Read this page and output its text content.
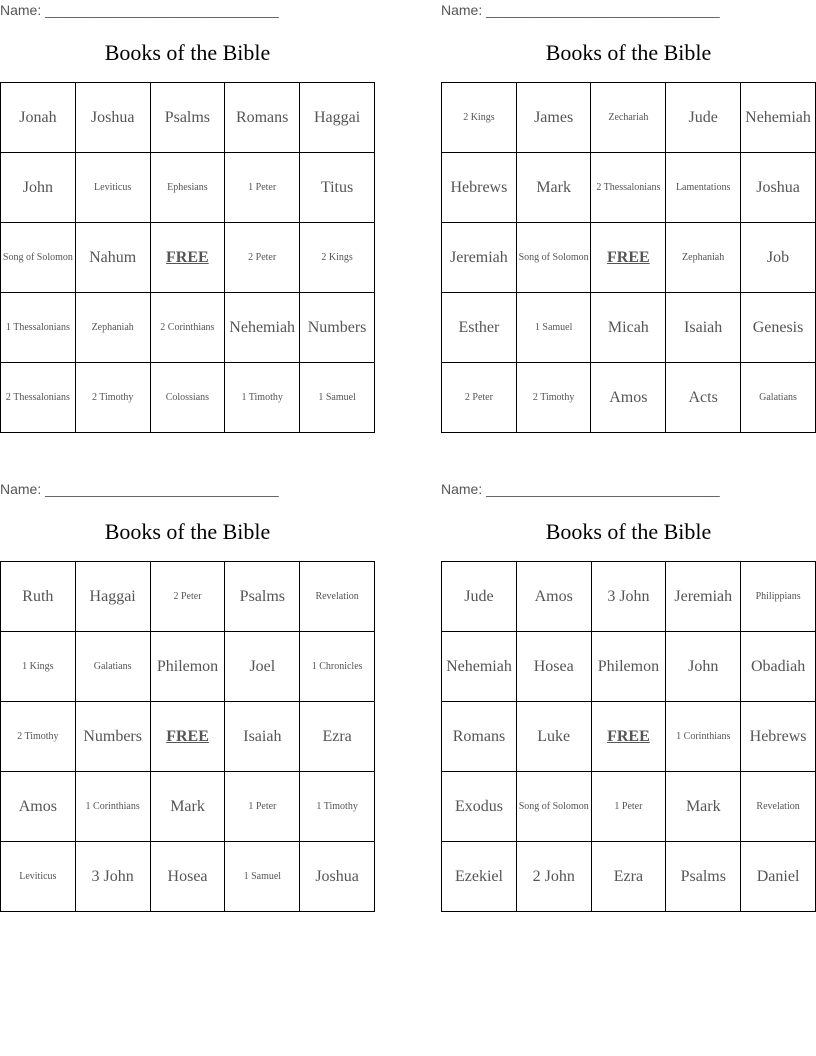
Name: ______________________________
Books of the Bible
Jonah	Joshua	Psalms	Romans	Haggai
John	Leviticus	Ephesians	1 Peter	Titus
Song of Solomon	Nahum	FREE	2 Peter	2 Kings
1 Thessalonians	Zephaniah	2 Corinthians	Nehemiah	Numbers
2 Thessalonians	2 Timothy	Colossians	1 Timothy	1 Samuel
Name: ______________________________
Books of the Bible
2 Kings	James	Zechariah	Jude	Nehemiah
Hebrews	Mark	2 Thessalonians	Lamentations	Joshua
Jeremiah	Song of Solomon	FREE	Zephaniah	Job
Esther	1 Samuel	Micah	Isaiah	Genesis
2 Peter	2 Timothy	Amos	Acts	Galatians
Name: ______________________________
Books of the Bible
Ruth	Haggai	2 Peter	Psalms	Revelation
1 Kings	Galatians	Philemon	Joel	1 Chronicles
2 Timothy	Numbers	FREE	Isaiah	Ezra
Amos	1 Corinthians	Mark	1 Peter	1 Timothy
Leviticus	3 John	Hosea	1 Samuel	Joshua
Name: ______________________________
Books of the Bible
Jude	Amos	3 John	Jeremiah	Philippians
Nehemiah	Hosea	Philemon	John	Obadiah
Romans	Luke	FREE	1 Corinthians	Hebrews
Exodus	Song of Solomon	1 Peter	Mark	Revelation
Ezekiel	2 John	Ezra	Psalms	Daniel
